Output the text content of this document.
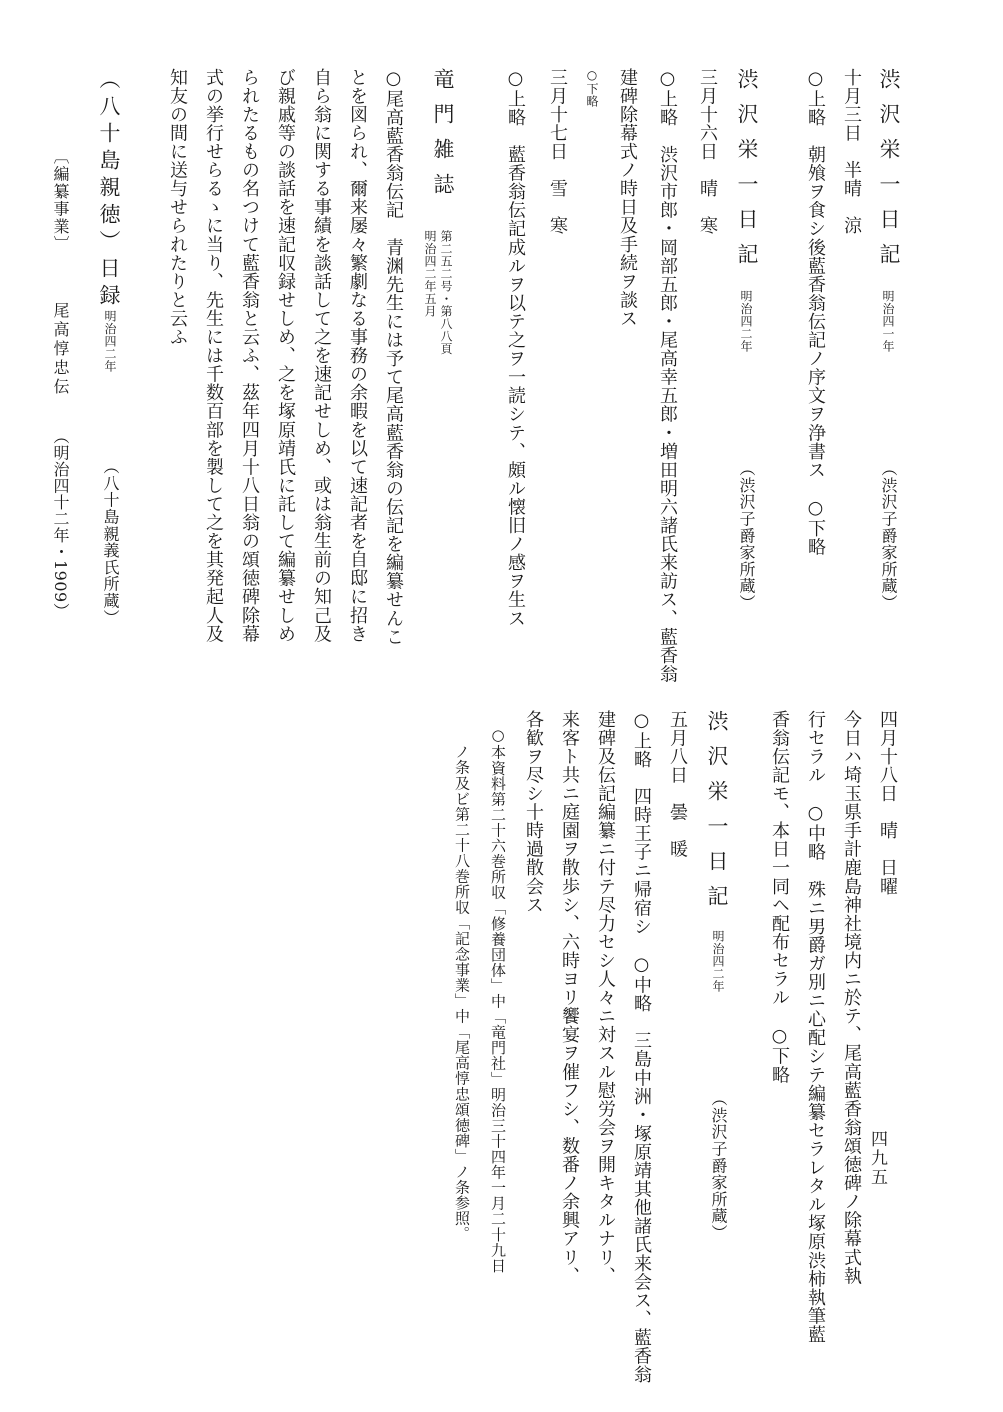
渋沢栄一日記
明治四一年
（渋沢子爵家所蔵）
十月三日　半晴　涼
○上略　朝飧ヲ食シ後藍香翁伝記ノ序文ヲ浄書ス　○下略
渋沢栄一日記
明治四二年
（渋沢子爵家所蔵）
三月十六日　晴　寒
○上略　渋沢市郎・岡部五郎・尾高幸五郎・増田明六諸氏来訪ス、藍香翁
建碑除幕式ノ時日及手続ヲ談ス
○下略
三月十七日　雪　寒
○上略　藍香翁伝記成ルヲ以テ之ヲ一読シテ、頗ル懐旧ノ感ヲ生ス
竜門雑誌
第二五二号・第八八頁
明治四二年五月
○尾高藍香翁伝記　青渊先生には予て尾高藍香翁の伝記を編纂せんこ
とを図られ、爾来屡々繁劇なる事務の余暇を以て速記者を自邸に招き
自ら翁に関する事績を談話して之を速記せしめ、或は翁生前の知己及
び親戚等の談話を速記収録せしめ、之を塚原靖氏に託して編纂せしめ
られたるもの名つけて藍香翁と云ふ、茲年四月十八日翁の頌徳碑除幕
式の挙行せらるゝに当り、先生には千数百部を製して之を其発起人及
知友の間に送与せられたりと云ふ
（八十島親徳）日録
明治四二年
（八十島親義氏所蔵）
四月十八日　晴　日曜
今日ハ埼玉県手計鹿島神社境内ニ於テ、尾高藍香翁頌徳碑ノ除幕式執
行セラル　○中略　殊ニ男爵ガ別ニ心配シテ編纂セラレタル塚原渋柿執筆藍
香翁伝記モ、本日一同ヘ配布セラル　○下略
渋沢栄一日記
明治四二年
（渋沢子爵家所蔵）
五月八日　曇　暖
○上略　四時王子ニ帰宿シ　○中略　三島中洲・塚原靖其他諸氏来会ス、藍香翁
建碑及伝記編纂ニ付テ尽力セシ人々ニ対スル慰労会ヲ開キタルナリ、
来客ト共ニ庭園ヲ散歩シ、六時ヨリ饗宴ヲ催フシ、数番ノ余興アリ、
各歓ヲ尽シ十時過散会ス
○本資料第二十六巻所収「修養団体」中「竜門社」明治三十四年一月二十九日
ノ条及ビ第二十八巻所収「記念事業」中「尾高惇忠頌徳碑」ノ条参照。
〔編纂事業〕
尾高惇忠伝
（明治四十二年・1909）
四九五
